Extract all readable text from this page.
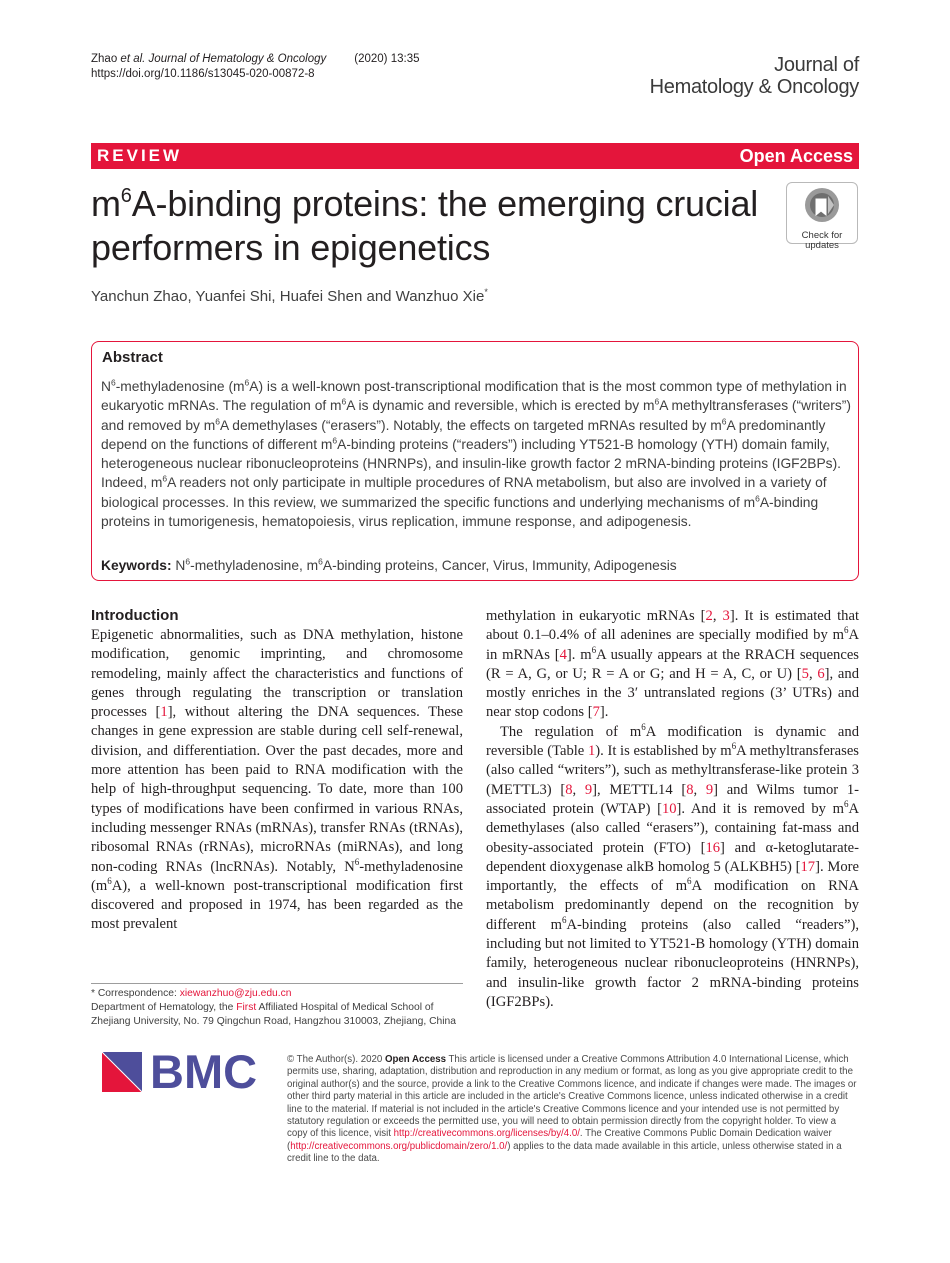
Zhao et al. Journal of Hematology & Oncology (2020) 13:35
https://doi.org/10.1186/s13045-020-00872-8	Journal of
Hematology & Oncology
REVIEW	Open Access
$m^6A$-binding proteins: the emerging crucial performers in epigenetics	Check for
updates
Yanchun Zhao, Yuanfei Shi, Huafei Shen and Wanzhuo Xie*
Abstract
$N^6$-methyladenosine $(m^6A)$ is a well-known post-transcriptional modification that is the most common type of methylation in eukaryotic mRNAs. The regulation of $m^6A$ is dynamic and reversible, which is erected by $m^6A$ methyltransferases (“writers”) and removed by $m^6A$ demethylases (“erasers”). Notably, the effects on targeted mRNAs resulted by $m^6A$ predominantly depend on the functions of different $m^6A$-binding proteins (“readers”) including YT521-B homology (YTH) domain family, heterogeneous nuclear ribonucleoproteins (HNRNPs), and insulin-like growth factor 2 mRNA-binding proteins (IGF2BPs). Indeed, $m^6A$ readers not only participate in multiple procedures of RNA metabolism, but also are involved in a variety of biological processes. In this review, we summarized the specific functions and underlying mechanisms of $m^6A$-binding proteins in tumorigenesis, hematopoiesis, virus replication, immune response, and adipogenesis.
Keywords: $N^6$-methyladenosine, $m^6A$-binding proteins, Cancer, Virus, Immunity, Adipogenesis
Introduction

Epigenetic abnormalities, such as DNA methylation, histone modification, genomic imprinting, and chromosome remodeling, mainly affect the characteristics and functions of genes through regulating the transcription or translation processes [1], without altering the DNA sequences. These changes in gene expression are stable during cell self-renewal, division, and differentiation. Over the past decades, more and more attention has been paid to RNA modification with the help of high-throughput sequencing. To date, more than 100 types of modifications have been confirmed in various RNAs, including messenger RNAs (mRNAs), transfer RNAs (tRNAs), ribosomal RNAs (rRNAs), microRNAs (miRNAs), and long non-coding RNAs (lncRNAs). Notably, $N^6$-methyladenosine $(m^6A)$, a well-known post-transcriptional modification first discovered and proposed in 1974, has been regarded as the most prevalent

methylation in eukaryotic mRNAs [2, 3]. It is estimated that about 0.1–0.4% of all adenines are specially modified by $m^6A$ in mRNAs [4]. $m^6A$ usually appears at the RRACH sequences (R = A, G, or U; R = A or G; and H = A, C, or U) [5, 6], and mostly enriches in the 3′ untranslated regions (3’ UTRs) and near stop codons [7].

The regulation of $m^6A$ modification is dynamic and reversible (Table 1). It is established by $m^6A$ methyltransferases (also called “writers”), such as methyltransferase-like protein 3 (METTL3) [8, 9], METTL14 [8, 9] and Wilms tumor 1-associated protein (WTAP) [10]. And it is removed by $m^6A$ demethylases (also called “erasers”), containing fat-mass and obesity-associated protein (FTO) [16] and α-ketoglutarate-dependent dioxygenase alkB homolog 5 (ALKBH5) [17]. More importantly, the effects of $m^6A$ modification on RNA metabolism predominantly depend on the recognition by different $m^6A$-binding proteins (also called “readers”), including but not limited to YT521-B homology (YTH) domain family, heterogeneous nuclear ribonucleoproteins (HNRNPs), and insulin-like growth factor 2 mRNA-binding proteins (IGF2BPs).

* Correspondence: xiewanzhuo@zju.edu.cn
Department of Hematology, the First Affiliated Hospital of Medical School of Zhejiang University, No. 79 Qingchun Road, Hangzhou 310003, Zhejiang, China
BMC	© The Author(s). 2020 Open Access This article is licensed under a Creative Commons Attribution 4.0 International License, which permits use, sharing, adaptation, distribution and reproduction in any medium or format, as long as you give appropriate credit to the original author(s) and the source, provide a link to the Creative Commons licence, and indicate if changes were made. The images or other third party material in this article are included in the article's Creative Commons licence, unless indicated otherwise in a credit line to the material. If material is not included in the article's Creative Commons licence and your intended use is not permitted by statutory regulation or exceeds the permitted use, you will need to obtain permission directly from the copyright holder. To view a copy of this licence, visit http://creativecommons.org/licenses/by/4.0/. The Creative Commons Public Domain Dedication waiver (http://creativecommons.org/publicdomain/zero/1.0/) applies to the data made available in this article, unless otherwise stated in a credit line to the data.
